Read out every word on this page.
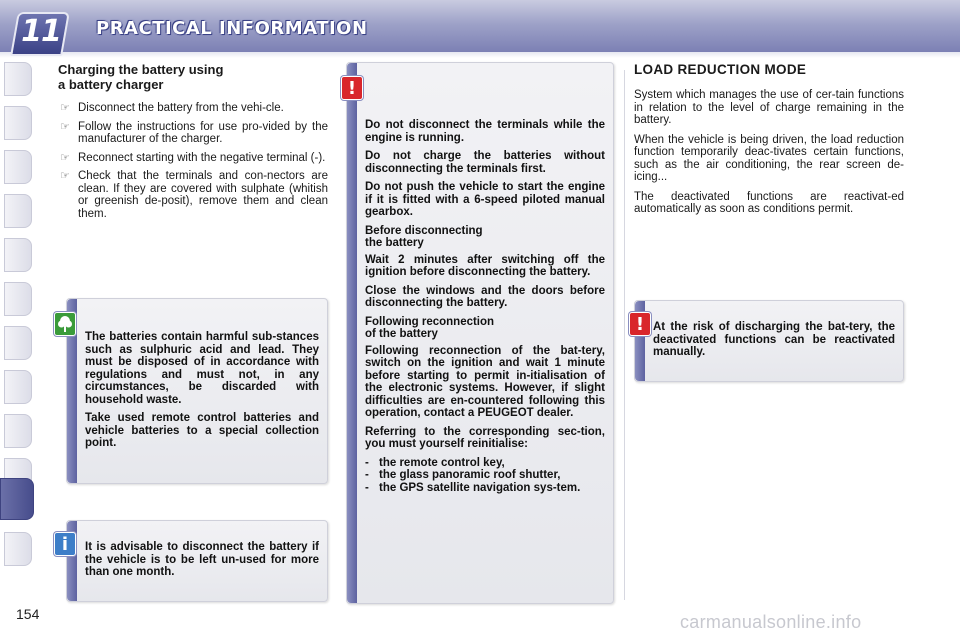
11 PRACTICAL INFORMATION
Charging the battery using
a battery charger
☞ Disconnect the battery from the vehi-cle.
☞ Follow the instructions for use pro-vided by the manufacturer of the charger.
☞ Reconnect starting with the negative terminal (-).
☞ Check that the terminals and con-nectors are clean. If they are covered with sulphate (whitish or greenish de-posit), remove them and clean them.
The batteries contain harmful sub-stances such as sulphuric acid and lead. They must be disposed of in accordance with regulations and must not, in any circumstances, be discarded with household waste.
Take used remote control batteries and vehicle batteries to a special collection point.
It is advisable to disconnect the battery if the vehicle is to be left un-used for more than one month.
i
Do not disconnect the terminals while the engine is running.
Do not charge the batteries without disconnecting the terminals first.
Do not push the vehicle to start the engine if it is fitted with a 6-speed piloted manual gearbox.
Before disconnecting
the battery
Wait 2 minutes after switching off the ignition before disconnecting the battery.
Close the windows and the doors before disconnecting the battery.
Following reconnection
of the battery
Following reconnection of the bat-tery, switch on the ignition and wait 1 minute before starting to permit in-itialisation of the electronic systems. However, if slight difficulties are en-countered following this operation, contact a PEUGEOT dealer.
Referring to the corresponding sec-tion, you must yourself reinitialise:
- the remote control key,
- the glass panoramic roof shutter,
- the GPS satellite navigation sys-tem.
!
LOAD REDUCTION MODE
System which manages the use of cer-tain functions in relation to the level of charge remaining in the battery.
When the vehicle is being driven, the load reduction function temporarily deac-tivates certain functions, such as the air conditioning, the rear screen de-icing...
The deactivated functions are reactivat-ed automatically as soon as conditions permit.
At the risk of discharging the bat-tery, the deactivated functions can be reactivated manually.
!
154	carmanualsonline.info
